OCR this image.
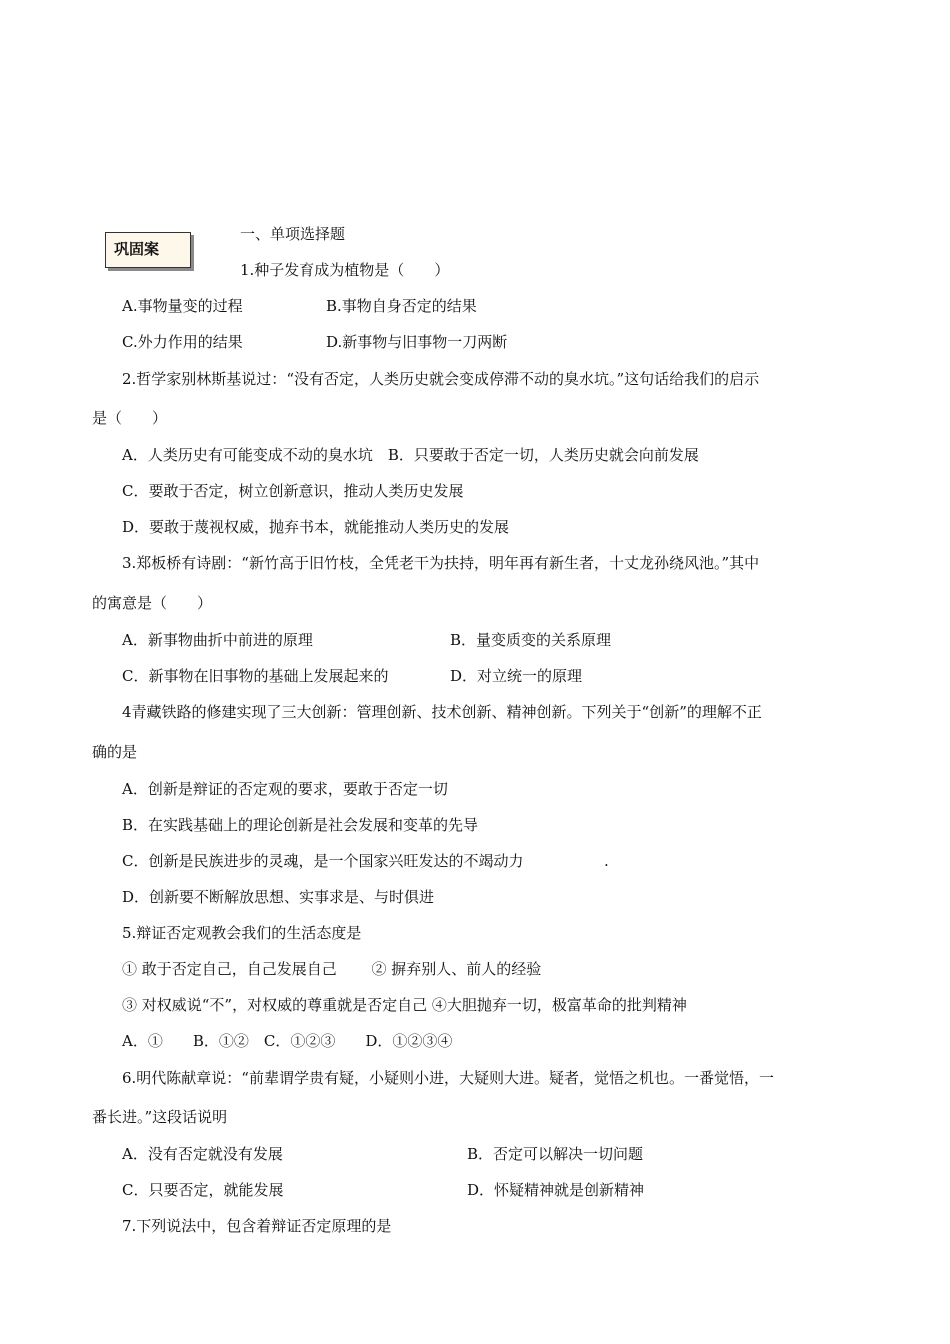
巩固案
一、单项选择题
1.种子发育成为植物是（　　）
A.事物量变的过程	B.事物自身否定的结果
C.外力作用的结果	D.新事物与旧事物一刀两断
2.哲学家别林斯基说过：“没有否定，人类历史就会变成停滞不动的臭水坑。”这句话给我们的启示
是（　　）
A．人类历史有可能变成不动的臭水坑　B．只要敢于否定一切，人类历史就会向前发展
C．要敢于否定，树立创新意识，推动人类历史发展
D．要敢于蔑视权威，抛弃书本，就能推动人类历史的发展
3.郑板桥有诗剧：“新竹高于旧竹枝，全凭老干为扶持，明年再有新生者，十丈龙孙绕风池。”其中
的寓意是（　　）
A．新事物曲折中前进的原理	B．量变质变的关系原理
C．新事物在旧事物的基础上发展起来的	D．对立统一的原理
4青藏铁路的修建实现了三大创新：管理创新、技术创新、精神创新。下列关于“创新”的理解不正
确的是
A．创新是辩证的否定观的要求，要敢于否定一切
B．在实践基础上的理论创新是社会发展和变革的先导
C．创新是民族进步的灵魂，是一个国家兴旺发达的不竭动力	.
D．创新要不断解放思想、实事求是、与时俱进
5.辩证否定观教会我们的生活态度是
① 敢于否定自己，自己发展自己　　 ② 摒弃别人、前人的经验
③ 对权威说“不”，对权威的尊重就是否定自己 ④大胆抛弃一切，极富革命的批判精神
A．①　　B．①②　C．①②③　　D．①②③④
6.明代陈献章说：“前辈谓学贵有疑，小疑则小进，大疑则大进。疑者，觉悟之机也。一番觉悟，一
番长进。”这段话说明
A．没有否定就没有发展	B．否定可以解决一切问题
C．只要否定，就能发展	D．怀疑精神就是创新精神
7.下列说法中，包含着辩证否定原理的是
